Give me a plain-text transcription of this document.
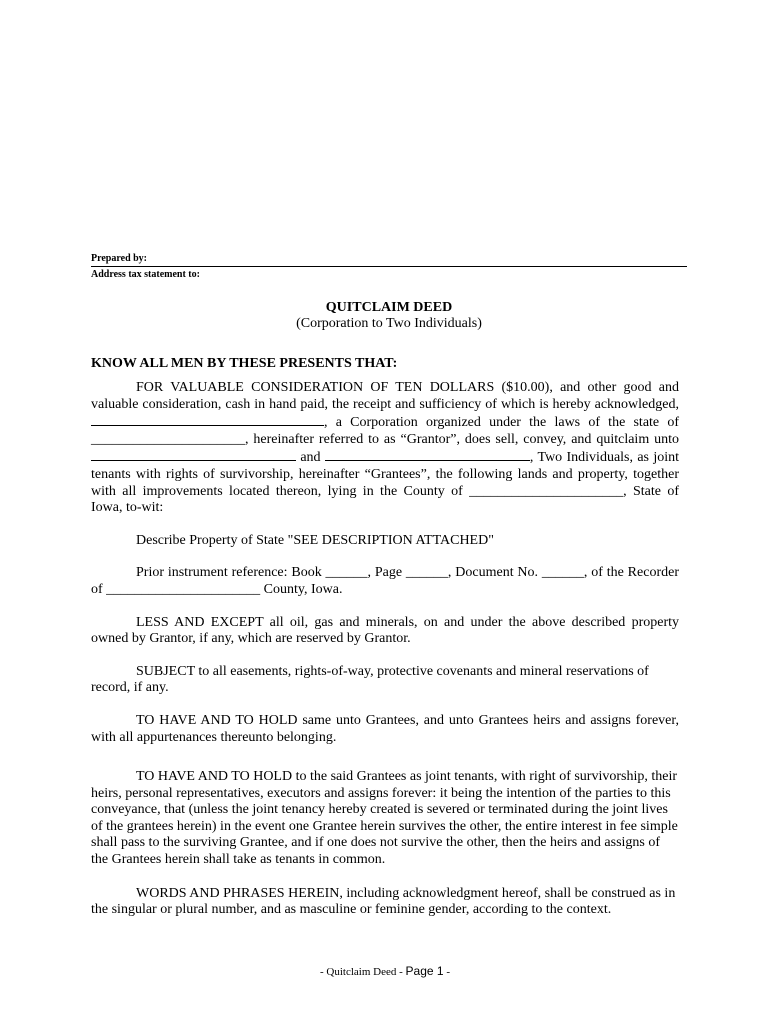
Prepared by:
Address tax statement to:
QUITCLAIM DEED
(Corporation to Two Individuals)
KNOW ALL MEN BY THESE PRESENTS THAT:

FOR VALUABLE CONSIDERATION OF TEN DOLLARS ($10.00), and other good and valuable consideration, cash in hand paid, the receipt and sufficiency of which is hereby acknowledged, , a Corporation organized under the laws of the state of ______________________, hereinafter referred to as “Grantor”, does sell, convey, and quitclaim unto  and	, Two Individuals, as joint tenants with rights of survivorship, hereinafter “Grantees”, the following lands and property, together with all improvements located thereon, lying in the County of ______________________, State of Iowa, to-wit:

Describe Property of State "SEE DESCRIPTION ATTACHED"

Prior instrument reference: Book ______, Page ______, Document No. ______, of the Recorder of ______________________ County, Iowa.

LESS AND EXCEPT all oil, gas and minerals, on and under the above described property owned by Grantor, if any, which are reserved by Grantor.

SUBJECT to all easements, rights-of-way, protective covenants and mineral reservations of record, if any.

TO HAVE AND TO HOLD same unto Grantees, and unto Grantees heirs and assigns forever, with all appurtenances thereunto belonging.

TO HAVE AND TO HOLD to the said Grantees as joint tenants, with right of survivorship, their heirs, personal representatives, executors and assigns forever: it being the intention of the parties to this conveyance, that (unless the joint tenancy hereby created is severed or terminated during the joint lives of the grantees herein) in the event one Grantee herein survives the other, the entire interest in fee simple shall pass to the surviving Grantee, and if one does not survive the other, then the heirs and assigns of the Grantees herein shall take as tenants in common.

WORDS AND PHRASES HEREIN, including acknowledgment hereof, shall be construed as in the singular or plural number, and as masculine or feminine gender, according to the context.

- Quitclaim Deed - Page 1 -
